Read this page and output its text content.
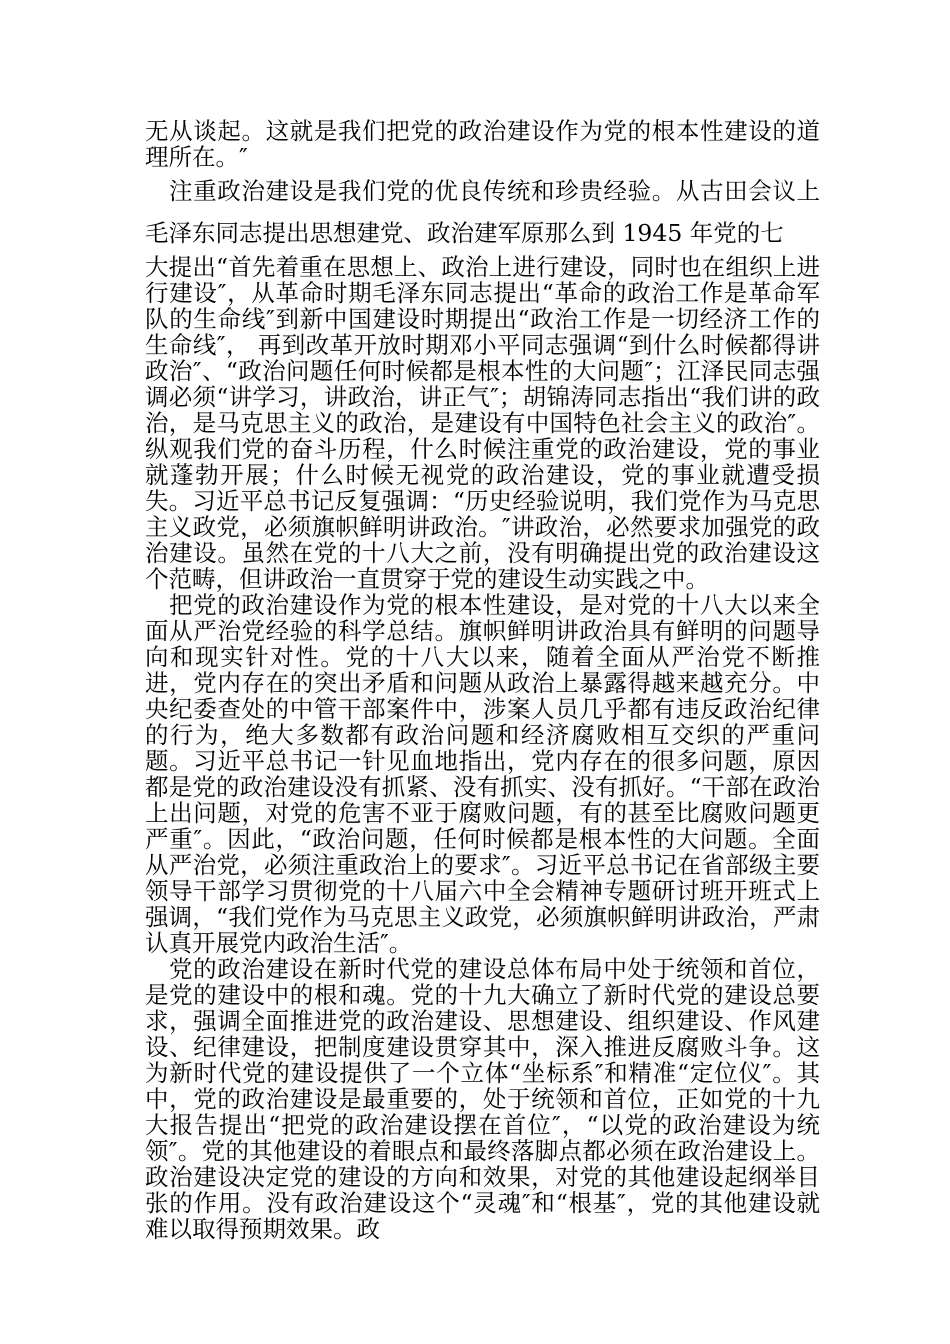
无从谈起。这就是我们把党的政治建设作为党的根本性建设的道理所在。″

注重政治建设是我们党的优良传统和珍贵经验。从古田会议上毛泽东同志提出思想建党、政治建军原那么到 1945 年党的七

大提出“首先着重在思想上、政治上进行建设，同时也在组织上进行建设″，从革命时期毛泽东同志提出“革命的政治工作是革命军队的生命线″到新中国建设时期提出“政治工作是一切经济工作的生命线″， 再到改革开放时期邓小平同志强调“到什么时候都得讲政治″、“政治问题任何时候都是根本性的大问题″；江泽民同志强调必须“讲学习，讲政治，讲正气″；胡锦涛同志指出“我们讲的政治，是马克思主义的政治，是建设有中国特色社会主义的政治″。纵观我们党的奋斗历程，什么时候注重党的政治建设，党的事业就蓬勃开展；什么时候无视党的政治建设，党的事业就遭受损失。习近平总书记反复强调：“历史经验说明，我们党作为马克思主义政党，必须旗帜鲜明讲政治。″讲政治，必然要求加强党的政治建设。虽然在党的十八大之前，没有明确提出党的政治建设这个范畴，但讲政治一直贯穿于党的建设生动实践之中。

把党的政治建设作为党的根本性建设，是对党的十八大以来全面从严治党经验的科学总结。旗帜鲜明讲政治具有鲜明的问题导向和现实针对性。党的十八大以来，随着全面从严治党不断推进，党内存在的突出矛盾和问题从政治上暴露得越来越充分。中央纪委查处的中管干部案件中，涉案人员几乎都有违反政治纪律的行为，绝大多数都有政治问题和经济腐败相互交织的严重问题。习近平总书记一针见血地指出，党内存在的很多问题，原因都是党的政治建设没有抓紧、没有抓实、没有抓好。“干部在政治上出问题，对党的危害不亚于腐败问题，有的甚至比腐败问题更严重″。因此，“政治问题，任何时候都是根本性的大问题。全面从严治党，必须注重政治上的要求″。习近平总书记在省部级主要领导干部学习贯彻党的十八届六中全会精神专题研讨班开班式上强调，“我们党作为马克思主义政党，必须旗帜鲜明讲政治，严肃认真开展党内政治生活″。

党的政治建设在新时代党的建设总体布局中处于统领和首位，是党的建设中的根和魂。党的十九大确立了新时代党的建设总要求，强调全面推进党的政治建设、思想建设、组织建设、作风建设、纪律建设，把制度建设贯穿其中，深入推进反腐败斗争。这为新时代党的建设提供了一个立体“坐标系″和精准“定位仪″。其中，党的政治建设是最重要的，处于统领和首位，正如党的十九大报告提出“把党的政治建设摆在首位″，“以党的政治建设为统领″。党的其他建设的着眼点和最终落脚点都必须在政治建设上。政治建设决定党的建设的方向和效果，对党的其他建设起纲举目张的作用。没有政治建设这个“灵魂″和“根基″，党的其他建设就难以取得预期效果。政
